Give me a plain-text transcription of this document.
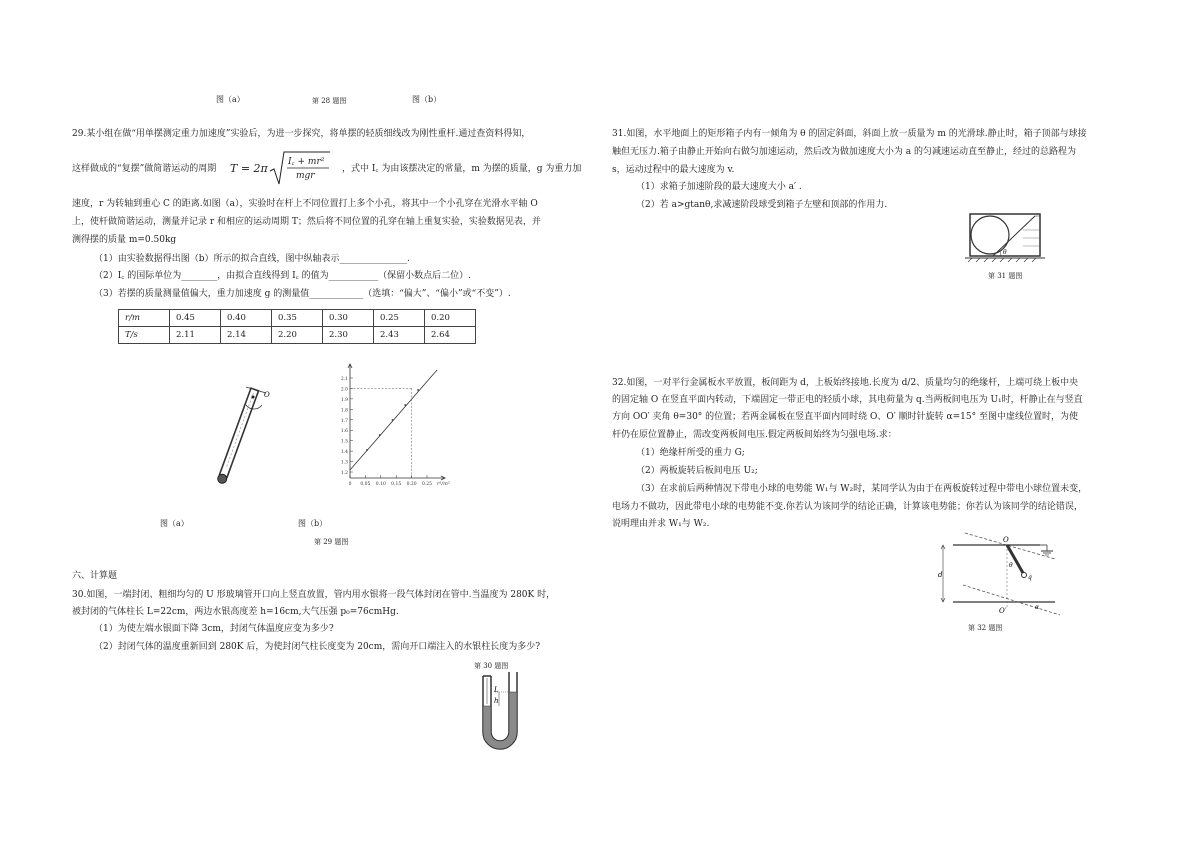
图（a）	第 28 题图	图（b）
29.某小组在做“用单摆测定重力加速度”实验后，为进一步探究，将单摆的轻质细线改为刚性重杆.通过查资料得知，
这样做成的“复摆”做简谐运动的周期 T = 2π I꜀ + mr²
mgr
，式中 I꜀ 为由该摆决定的常量，m 为摆的质量，g 为重力加
速度，r 为转轴到重心 C 的距离.如图（a），实验时在杆上不同位置打上多个小孔，将其中一个小孔穿在光滑水平轴 O
上，使杆做简谐运动，测量并记录 r 和相应的运动周期 T；然后将不同位置的孔穿在轴上重复实验，实验数据见表，并
测得摆的质量 m=0.50kg
（1）由实验数据得出图（b）所示的拟合直线，图中纵轴表示_______________.
（2）I꜀ 的国际单位为________，由拟合直线得到 I꜀ 的值为___________（保留小数点后二位）.
（3）若摆的质量测量值偏大，重力加速度 g 的测量值____________（选填：“偏大”、“偏小”或“不变”）.
r/m	0.45	0.40	0.35	0.30	0.25	0.20
T/s	2.11	2.14	2.20	2.30	2.43	2.64
O
图（a）
1.2
1.3
1.4
1.5
1.6
1.7
1.8
1.9
2.0
2.1
0 0.05 0.10 0.15 0.20 0.25 r²/m²
图（b）
第 29 题图
六、计算题
30.如图，一端封闭、粗细均匀的 U 形玻璃管开口向上竖直放置，管内用水银将一段气体封闭在管中.当温度为 280K 时，
被封闭的气体柱长 L=22cm，两边水银高度差 h=16cm,大气压强 p₀=76cmHg.
（1）为使左端水银面下降 3cm，封闭气体温度应变为多少?
（2）封闭气体的温度重新回到 280K 后，为使封闭气柱长度变为 20cm，需向开口端注入的水银柱长度为多少?
第 30 题图
L
h
31.如图，水平地面上的矩形箱子内有一倾角为 θ 的固定斜面，斜面上放一质量为 m 的光滑球.静止时，箱子顶部与球接
触但无压力.箱子由静止开始向右做匀加速运动，然后改为做加速度大小为 a 的匀减速运动直至静止，经过的总路程为
s，运动过程中的最大速度为 v.
（1）求箱子加速阶段的最大速度大小 a′ .
（2）若 a>gtanθ,求减速阶段球受到箱子左壁和顶部的作用力.
θ
第 31 题图
32.如图，一对平行金属板水平放置，板间距为 d，上板始终接地.长度为 d/2、质量均匀的绝缘杆，上端可绕上板中央
的固定轴 O 在竖直平面内转动，下端固定一带正电的轻质小球，其电荷量为 q.当两板间电压为 U₁时，杆静止在与竖直
方向 OO′ 夹角 θ=30° 的位置；若两金属板在竖直平面内同时绕 O、O′ 顺时针旋转 α=15° 至图中虚线位置时，为使
杆仍在原位置静止，需改变两板间电压.假定两板间始终为匀强电场.求：
（1）绝缘杆所受的重力 G;
（2）两板旋转后板间电压 U₂;
（3）在求前后两种情况下带电小球的电势能 W₁与 W₂时，某同学认为由于在两板旋转过程中带电小球位置未变，
电场力不做功，因此带电小球的电势能不变.你若认为该同学的结论正确，计算该电势能；你若认为该同学的结论错误，
说明理由并求 W₁与 W₂.
d	q
O
O′
θ
α
第 32 题图
